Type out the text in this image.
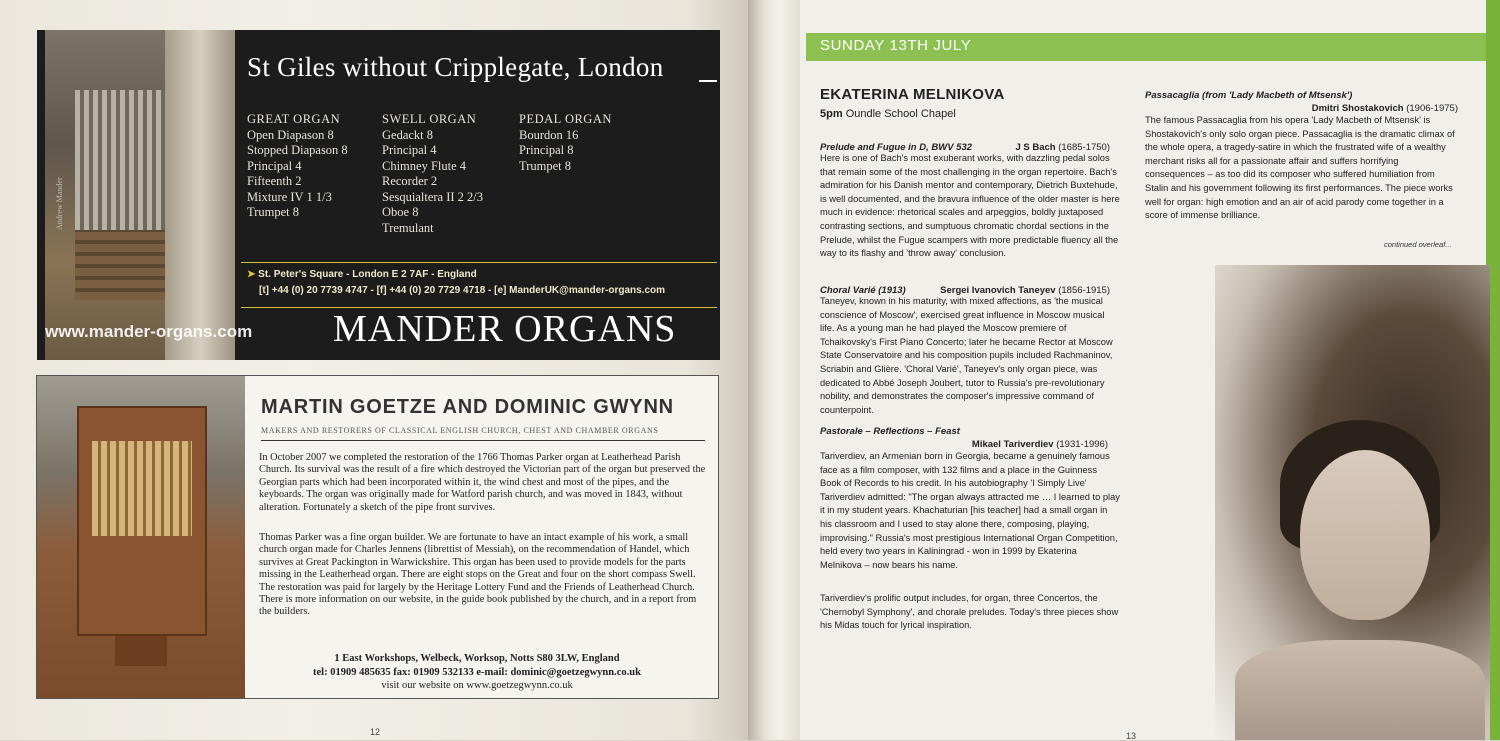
Andrew Mander
www.mander-organs.com
St Giles without Cripplegate, London
GREAT ORGAN
Open Diapason 8
Stopped Diapason 8
Principal 4
Fifteenth 2
Mixture IV 1 1/3
Trumpet 8
SWELL ORGAN
Gedackt 8
Principal 4
Chimney Flute 4
Recorder 2
Sesquialtera II 2 2/3
Oboe 8
Tremulant
PEDAL ORGAN
Bourdon 16
Principal 8
Trumpet 8
➤ St. Peter's Square - London E 2 7AF - England
[t] +44 (0) 20 7739 4747 - [f] +44 (0) 20 7729 4718 - [e] ManderUK@mander-organs.com
MANDER ORGANS
MARTIN GOETZE AND DOMINIC GWYNN
MAKERS AND RESTORERS OF CLASSICAL ENGLISH CHURCH, CHEST AND CHAMBER ORGANS

In October 2007 we completed the restoration of the 1766 Thomas Parker organ at Leatherhead Parish Church. Its survival was the result of a fire which destroyed the Victorian part of the organ but preserved the Georgian parts which had been incorporated within it, the wind chest and most of the pipes, and the keyboards. The organ was originally made for Watford parish church, and was moved in 1843, without alteration. Fortunately a sketch of the pipe front survives.

Thomas Parker was a fine organ builder. We are fortunate to have an intact example of his work, a small church organ made for Charles Jennens (librettist of Messiah), on the recommendation of Handel, which survives at Great Packington in Warwickshire. This organ has been used to provide models for the parts missing in the Leatherhead organ. There are eight stops on the Great and four on the short compass Swell. The restoration was paid for largely by the Heritage Lottery Fund and the Friends of Leatherhead Church. There is more information on our website, in the guide book published by the church, and in a report from the builders.

1 East Workshops, Welbeck, Worksop, Notts S80 3LW, England
tel: 01909 485635 fax: 01909 532133 e-mail: dominic@goetzegwynn.co.uk
visit our website on www.goetzegwynn.co.uk
12
SUNDAY 13TH JULY
EKATERINA MELNIKOVA
5pm Oundle School Chapel
Prelude and Fugue in D, BWV 532	J S Bach (1685-1750)

Here is one of Bach's most exuberant works, with dazzling pedal solos that remain some of the most challenging in the organ repertoire. Bach's admiration for his Danish mentor and contemporary, Dietrich Buxtehude, is well documented, and the bravura influence of the older master is here much in evidence: rhetorical scales and arpeggios, boldly juxtaposed contrasting sections, and sumptuous chromatic chordal sections in the Prelude, whilst the Fugue scampers with more predictable fluency all the way to its flashy and 'throw away' conclusion.

Choral Varié (1913)	Sergei Ivanovich Taneyev (1856-1915)

Taneyev, known in his maturity, with mixed affections, as 'the musical conscience of Moscow', exercised great influence in Moscow musical life. As a young man he had played the Moscow premiere of Tchaikovsky's First Piano Concerto; later he became Rector at Moscow State Conservatoire and his composition pupils included Rachmaninov, Scriabin and Glière. 'Choral Varié', Taneyev's only organ piece, was dedicated to Abbé Joseph Joubert, tutor to Russia's pre-revolutionary nobility, and demonstrates the composer's impressive command of counterpoint.

Pastorale – Reflections – Feast
Mikael Tariverdiev (1931-1996)

Tariverdiev, an Armenian born in Georgia, became a genuinely famous face as a film composer, with 132 films and a place in the Guinness Book of Records to his credit. In his autobiography 'I Simply Live' Tariverdiev admitted: "The organ always attracted me … I learned to play it in my student years. Khachaturian [his teacher] had a small organ in his classroom and I used to stay alone there, composing, playing, improvising." Russia's most prestigious International Organ Competition, held every two years in Kaliningrad - won in 1999 by Ekaterina Melnikova – now bears his name.

Tariverdiev's prolific output includes, for organ, three Concertos, the 'Chernobyl Symphony', and chorale preludes. Today's three pieces show his Midas touch for lyrical inspiration.

Passacaglia (from 'Lady Macbeth of Mtsensk')
Dmitri Shostakovich (1906-1975)

The famous Passacaglia from his opera 'Lady Macbeth of Mtsensk' is Shostakovich's only solo organ piece. Passacaglia is the dramatic climax of the whole opera, a tragedy-satire in which the frustrated wife of a wealthy merchant risks all for a passionate affair and suffers horrifying consequences – as too did its composer who suffered humiliation from Stalin and his government following its first performances. The piece works well for organ: high emotion and an air of acid parody come together in a score of immense brilliance.

continued overleaf...
13
